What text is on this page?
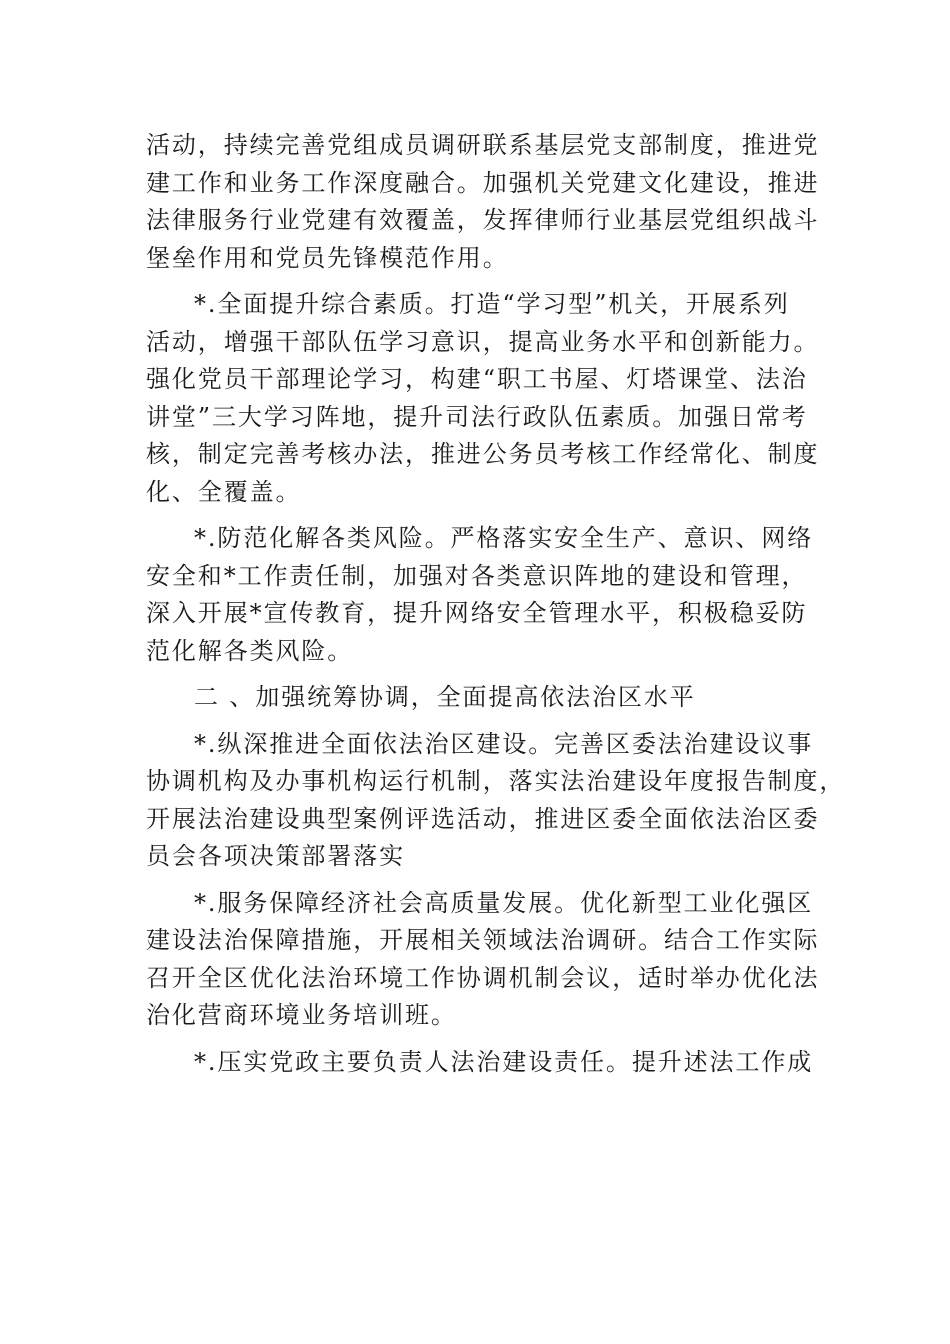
活动，持续完善党组成员调研联系基层党支部制度，推进党
建工作和业务工作深度融合。加强机关党建文化建设，推进
法律服务行业党建有效覆盖，发挥律师行业基层党组织战斗
堡垒作用和党员先锋模范作用。
*.全面提升综合素质。打造“学习型”机关，开展系列
活动，增强干部队伍学习意识，提高业务水平和创新能力。
强化党员干部理论学习，构建“职工书屋、灯塔课堂、法治
讲堂”三大学习阵地，提升司法行政队伍素质。加强日常考
核，制定完善考核办法，推进公务员考核工作经常化、制度
化、全覆盖。
*.防范化解各类风险。严格落实安全生产、意识、网络
安全和*工作责任制，加强对各类意识阵地的建设和管理，
深入开展*宣传教育，提升网络安全管理水平，积极稳妥防
范化解各类风险。
二 、加强统筹协调，全面提高依法治区水平
*.纵深推进全面依法治区建设。完善区委法治建设议事
协调机构及办事机构运行机制，落实法治建设年度报告制度，
开展法治建设典型案例评选活动，推进区委全面依法治区委
员会各项决策部署落实
*.服务保障经济社会高质量发展。优化新型工业化强区
建设法治保障措施，开展相关领域法治调研。结合工作实际
召开全区优化法治环境工作协调机制会议，适时举办优化法
治化营商环境业务培训班。
*.压实党政主要负责人法治建设责任。提升述法工作成
